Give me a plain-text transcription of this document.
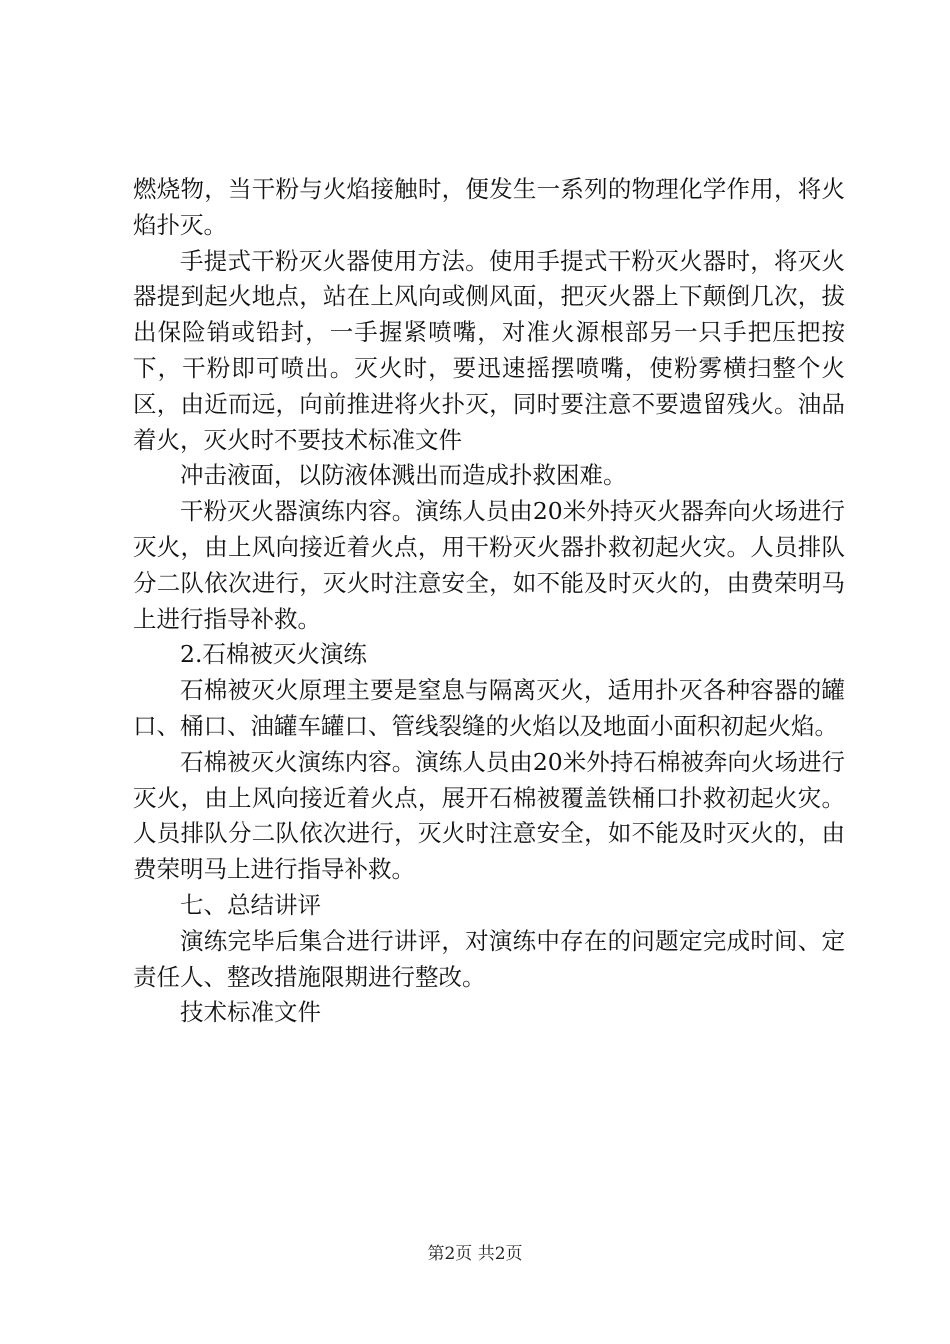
燃烧物，当干粉与火焰接触时，便发生一系列的物理化学作用，将火焰扑灭。

手提式干粉灭火器使用方法。使用手提式干粉灭火器时，将灭火器提到起火地点，站在上风向或侧风面，把灭火器上下颠倒几次，拔出保险销或铅封，一手握紧喷嘴，对准火源根部另一只手把压把按下，干粉即可喷出。灭火时，要迅速摇摆喷嘴，使粉雾横扫整个火区，由近而远，向前推进将火扑灭，同时要注意不要遗留残火。油品着火，灭火时不要技术标准文件

冲击液面，以防液体溅出而造成扑救困难。

干粉灭火器演练内容。演练人员由20米外持灭火器奔向火场进行灭火，由上风向接近着火点，用干粉灭火器扑救初起火灾。人员排队分二队依次进行，灭火时注意安全，如不能及时灭火的，由费荣明马上进行指导补救。

2.石棉被灭火演练

石棉被灭火原理主要是窒息与隔离灭火，适用扑灭各种容器的罐口、桶口、油罐车罐口、管线裂缝的火焰以及地面小面积初起火焰。

石棉被灭火演练内容。演练人员由20米外持石棉被奔向火场进行灭火，由上风向接近着火点，展开石棉被覆盖铁桶口扑救初起火灾。人员排队分二队依次进行，灭火时注意安全，如不能及时灭火的，由费荣明马上进行指导补救。

七、总结讲评

演练完毕后集合进行讲评，对演练中存在的问题定完成时间、定责任人、整改措施限期进行整改。

技术标准文件

第2页 共2页
